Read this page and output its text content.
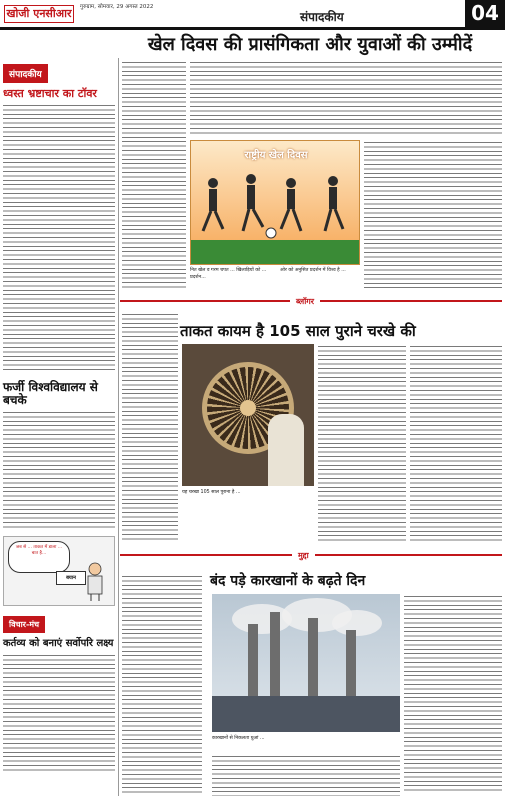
खोजी एनसीआर	गुरुग्राम, सोमवार, 29 अगस्त 2022
संपादकीय	04
खेल दिवस की प्रासंगिकता और युवाओं की उम्मीदें
संपादकीय
ध्वस्त भ्रष्टाचार का टॉवर
फर्जी विश्वविद्यालय से बचके
जब से ... ताकत में डाला ... बात है...
बयान
विचार-मंच
कर्तव्य को बनाएं सर्वोपरि लक्ष्य
राष्ट्रीय खेल दिवस
नित खेल व गरम चपत ... खिलाड़ियों को ... प्रदर्शन...
ओर को अनुसित प्रदर्शन में विश्व है ...
ब्लॉगर
ताकत कायम है 105 साल पुराने चरखे की
यह चरखा 105 साल पुराना है ...
मुद्दा
बंद पड़े कारखानों के बढ़ते दिन
कारखानों से निकलता धुआं ...
